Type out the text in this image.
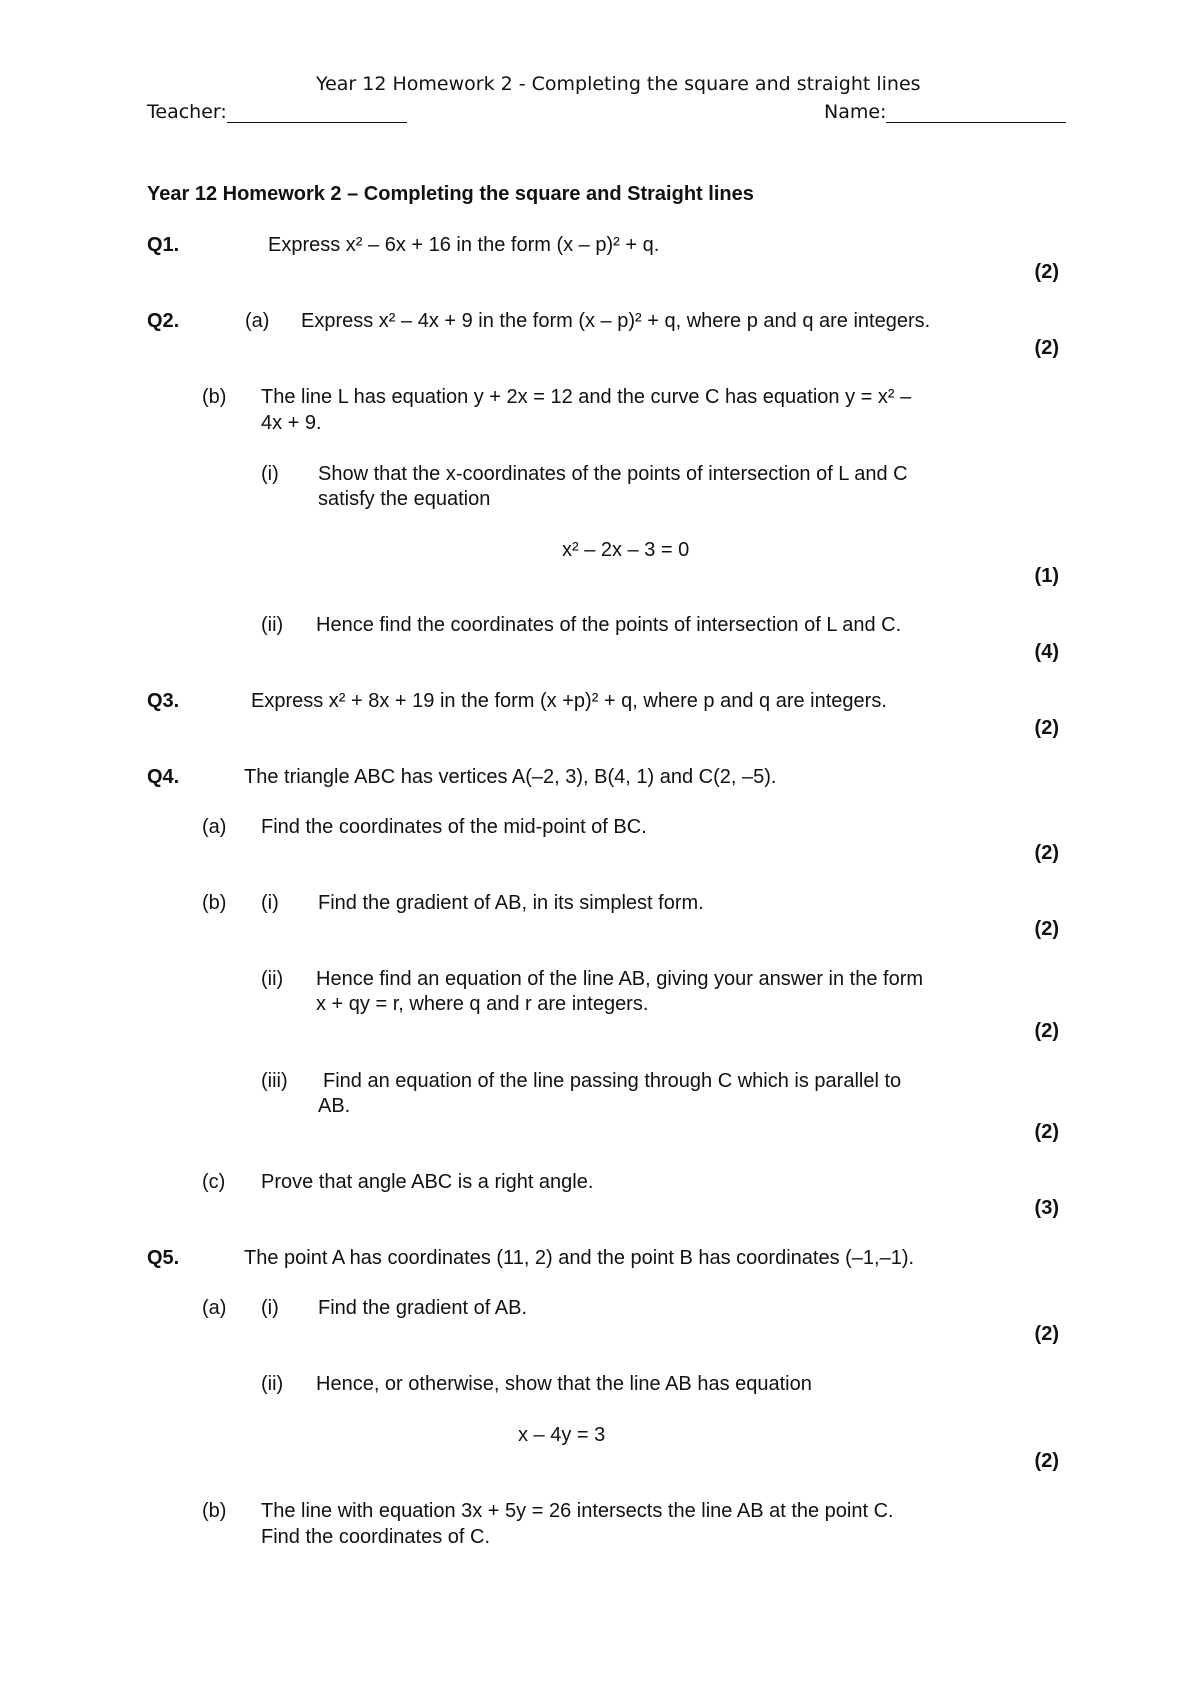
Year 12 Homework 2 - Completing the square and straight lines
Teacher:	Name:
Year 12 Homework 2 – Completing the square and Straight lines
Q1.	Express x² – 6x + 16 in the form (x – p)² + q.
(2)
Q2.	(a) Express x² – 4x + 9 in the form (x – p)² + q, where p and q are integers.
(2)
(b) The line L has equation y + 2x = 12 and the curve C has equation y = x² –
4x + 9.
(i) Show that the x-coordinates of the points of intersection of L and C
satisfy the equation
x² – 2x – 3 = 0
(1)
(ii) Hence find the coordinates of the points of intersection of L and C.
(4)
Q3.	Express x² + 8x + 19 in the form (x +p)² + q, where p and q are integers.
(2)
Q4.	The triangle ABC has vertices A(–2, 3), B(4, 1) and C(2, –5).
(a) Find the coordinates of the mid-point of BC.
(2)
(b) (i) Find the gradient of AB, in its simplest form.
(2)
(ii) Hence find an equation of the line AB, giving your answer in the form
x + qy = r, where q and r are integers.
(2)
(iii) Find an equation of the line passing through C which is parallel to
AB.
(2)
(c) Prove that angle ABC is a right angle.
(3)
Q5.	The point A has coordinates (11, 2) and the point B has coordinates (–1,–1).
(a) (i) Find the gradient of AB.
(2)
(ii) Hence, or otherwise, show that the line AB has equation
x – 4y = 3
(2)
(b) The line with equation 3x + 5y = 26 intersects the line AB at the point C.
Find the coordinates of C.
